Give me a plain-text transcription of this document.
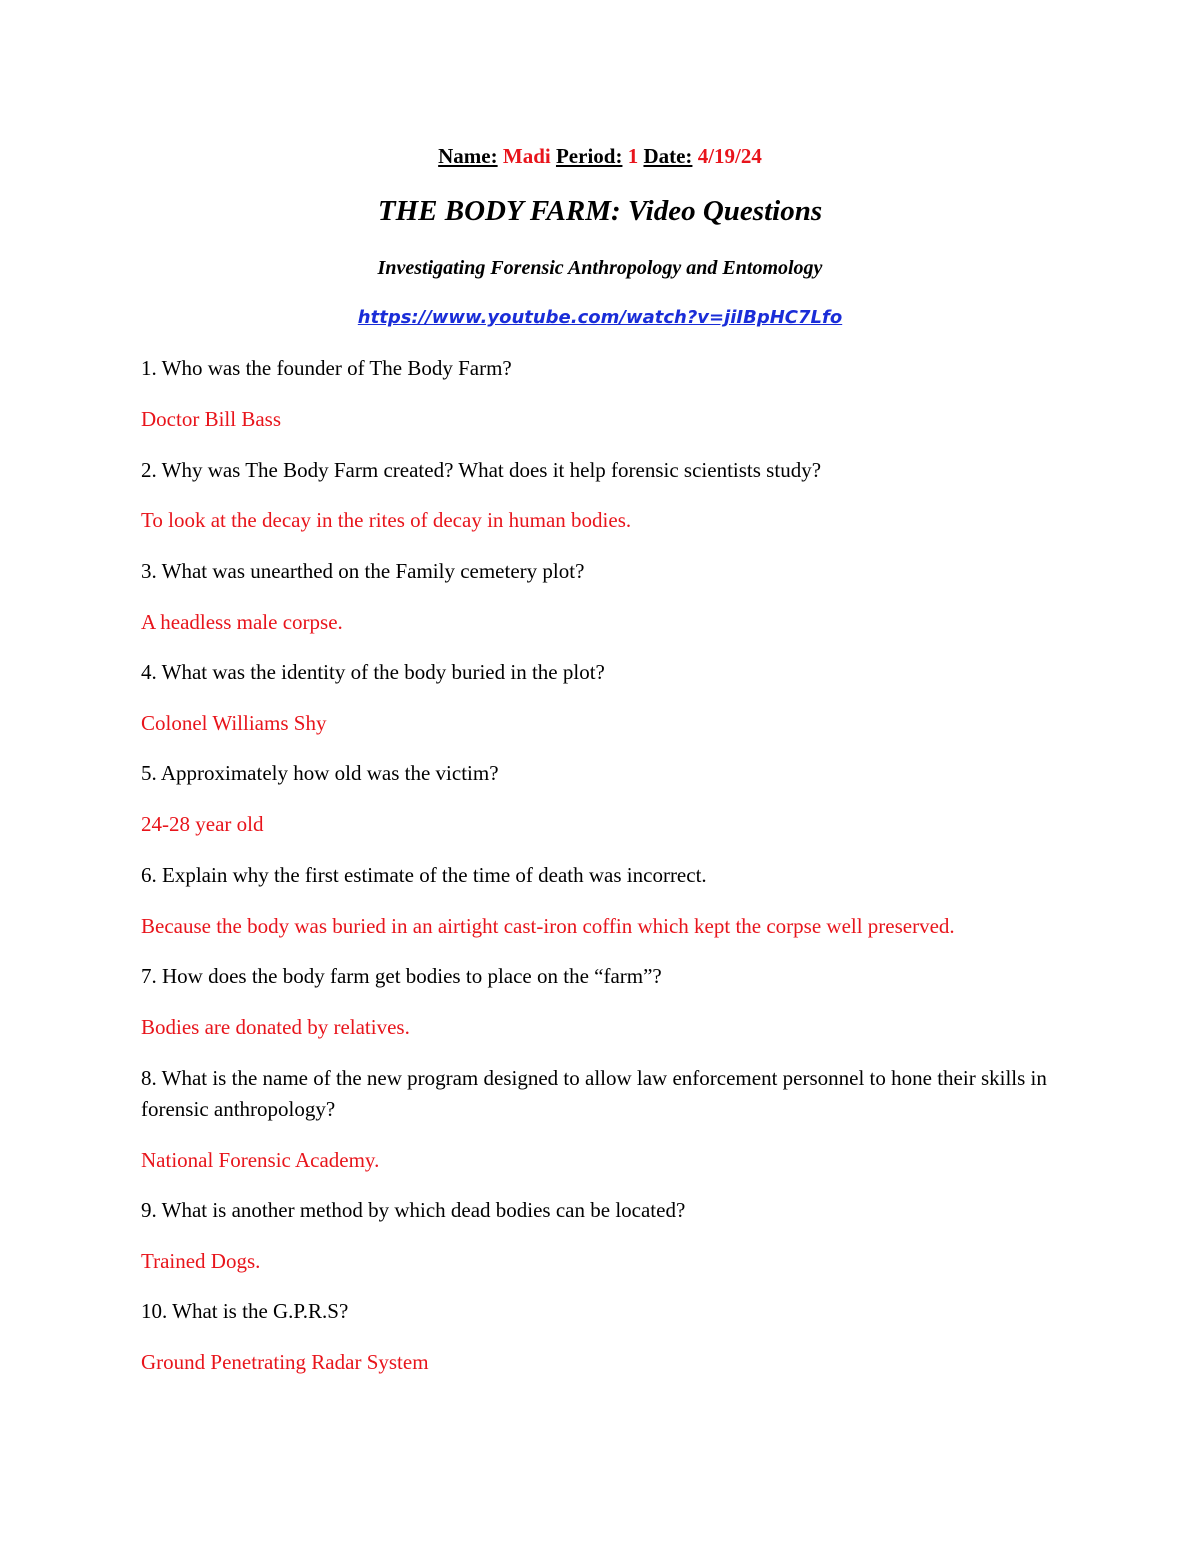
Name: Madi Period: 1 Date: 4/19/24
THE BODY FARM: Video Questions
Investigating Forensic Anthropology and Entomology
https://www.youtube.com/watch?v=jiIBpHC7Lfo
1. Who was the founder of The Body Farm?
Doctor Bill Bass
2. Why was The Body Farm created? What does it help forensic scientists study?
To look at the decay in the rites of decay in human bodies.
3. What was unearthed on the Family cemetery plot?
A headless male corpse.
4. What was the identity of the body buried in the plot?
Colonel Williams Shy
5. Approximately how old was the victim?
24-28 year old
6. Explain why the first estimate of the time of death was incorrect.
Because the body was buried in an airtight cast-iron coffin which kept the corpse well preserved.
7. How does the body farm get bodies to place on the “farm”?
Bodies are donated by relatives.
8. What is the name of the new program designed to allow law enforcement personnel to hone their skills in forensic anthropology?
National Forensic Academy.
9. What is another method by which dead bodies can be located?
Trained Dogs.
10. What is the G.P.R.S?
Ground Penetrating Radar System
